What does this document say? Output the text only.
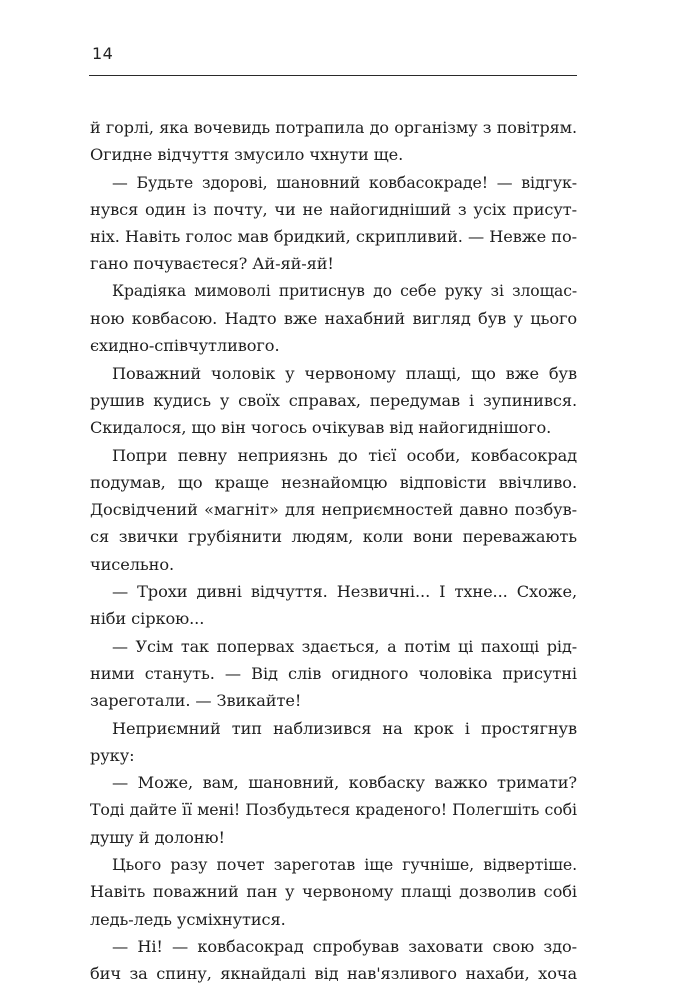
14
й горлі, яка вочевидь потрапила до організму з повітрям.
Огидне відчуття змусило чхнути ще.
— Будьте здорові, шановний ковбасокраде! — відгук-
нувся один із почту, чи не найогидніший з усіх присут-
ніх. Навіть голос мав бридкий, скрипливий. — Невже по-
гано почуваєтеся? Ай-яй-яй!
Крадіяка мимоволі притиснув до себе руку зі злощас-
ною ковбасою. Надто вже нахабний вигляд був у цього
єхидно-співчутливого.
Поважний чоловік у червоному плащі, що вже був
рушив кудись у своїх справах, передумав і зупинився.
Скидалося, що він чогось очікував від найогиднішого.
Попри певну неприязнь до тієї особи, ковбасокрад
подумав, що краще незнайомцю відповісти ввічливо.
Досвідчений «магніт» для неприємностей давно позбув-
ся звички грубіянити людям, коли вони переважають
чисельно.
— Трохи дивні відчуття. Незвичні... І тхне... Схоже,
ніби сіркою...
— Усім так попервах здається, а потім ці пахощі рід-
ними стануть. — Від слів огидного чоловіка присутні
зареготали. — Звикайте!
Неприємний тип наблизився на крок і простягнув
руку:
— Може, вам, шановний, ковбаску важко тримати?
Тоді дайте її мені! Позбудьтеся краденого! Полегшіть собі
душу й долоню!
Цього разу почет зареготав іще гучніше, відвертіше.
Навіть поважний пан у червоному плащі дозволив собі
ледь-ледь усміхнутися.
— Ні! — ковбасокрад спробував заховати свою здо-
бич за спину, якнайдалі від нав'язливого нахаби, хоча
